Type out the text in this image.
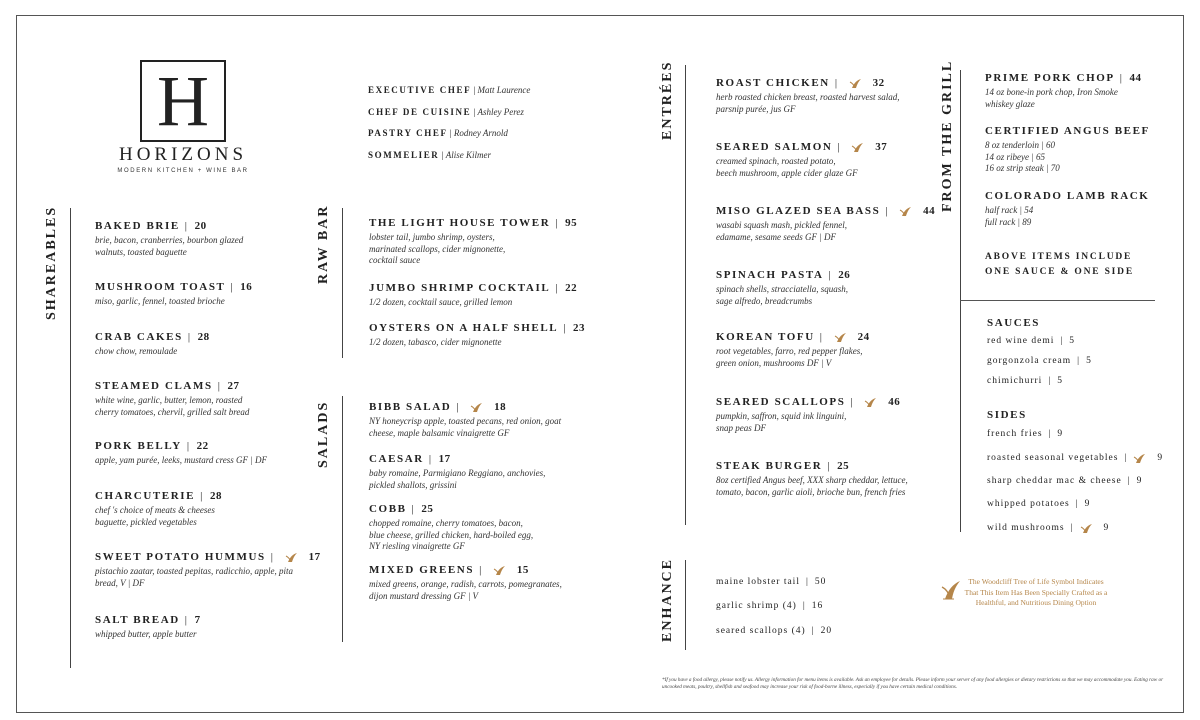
H
HORIZONS
MODERN KITCHEN + WINE BAR
EXECUTIVE CHEF | Matt Laurence
CHEF DE CUISINE | Ashley Perez
PASTRY CHEF | Rodney Arnold
SOMMELIER | Alise Kilmer
SHAREABLES	RAW BAR
SALADS
ENTRÉES	FROM THE GRILL
ENHANCE
BAKED BRIE | 20
brie, bacon, cranberries, bourbon glazed
walnuts, toasted baguette
MUSHROOM TOAST | 16
miso, garlic, fennel, toasted brioche
CRAB CAKES | 28
chow chow, remoulade
STEAMED CLAMS | 27
white wine, garlic, butter, lemon, roasted
cherry tomatoes, chervil, grilled salt bread
PORK BELLY | 22
apple, yam purée, leeks, mustard cress GF | DF
CHARCUTERIE | 28
chef 's choice of meats & cheeses
baguette, pickled vegetables
SWEET POTATO HUMMUS |	17
pistachio zaatar, toasted pepitas, radicchio, apple, pita
bread, V | DF
SALT BREAD | 7
whipped butter, apple butter
THE LIGHT HOUSE TOWER | 95
lobster tail, jumbo shrimp, oysters,
marinated scallops, cider mignonette,
cocktail sauce
JUMBO SHRIMP COCKTAIL | 22
1/2 dozen, cocktail sauce, grilled lemon
OYSTERS ON A HALF SHELL | 23
1/2 dozen, tabasco, cider mignonette
BIBB SALAD |	18
NY honeycrisp apple, toasted pecans, red onion, goat
cheese, maple balsamic vinaigrette GF
CAESAR | 17
baby romaine, Parmigiano Reggiano, anchovies,
pickled shallots, grissini
COBB | 25
chopped romaine, cherry tomatoes, bacon,
blue cheese, grilled chicken, hard-boiled egg,
NY riesling vinaigrette GF
MIXED GREENS |	15
mixed greens, orange, radish, carrots, pomegranates,
dijon mustard dressing GF | V
ROAST CHICKEN |	32
herb roasted chicken breast, roasted harvest salad,
parsnip purée, jus GF
SEARED SALMON |	37
creamed spinach, roasted potato,
beech mushroom, apple cider glaze GF
MISO GLAZED SEA BASS |	44
wasabi squash mash, pickled fennel,
edamame, sesame seeds GF | DF
SPINACH PASTA | 26
spinach shells, stracciatella, squash,
sage alfredo, breadcrumbs
KOREAN TOFU |	24
root vegetables, farro, red pepper flakes,
green onion, mushrooms DF | V
SEARED SCALLOPS |	46
pumpkin, saffron, squid ink linguini,
snap peas DF
STEAK BURGER | 25
8oz certified Angus beef, XXX sharp cheddar, lettuce,
tomato, bacon, garlic aioli, brioche bun, french fries
PRIME PORK CHOP | 44
14 oz bone-in pork chop, Iron Smoke
whiskey glaze
CERTIFIED ANGUS BEEF
8 oz tenderloin | 60
14 oz ribeye | 65
16 oz strip steak | 70
COLORADO LAMB RACK
half rack | 54
full rack | 89
ABOVE ITEMS INCLUDE
ONE SAUCE & ONE SIDE
SAUCES
red wine demi | 5
gorgonzola cream | 5
chimichurri | 5
SIDES
french fries | 9
roasted seasonal vegetables |	9
sharp cheddar mac & cheese | 9
whipped potatoes | 9
wild mushrooms |	9
maine lobster tail | 50
garlic shrimp (4) | 16
seared scallops (4) | 20
The Woodcliff Tree of Life Symbol Indicates That This Item Has Been Specially Crafted as a Healthful, and Nutritious Dining Option
*If you have a food allergy, please notify us. Allergy information for menu items is available. Ask an employee for details. Please inform your server of any food allergies or dietary restrictions so that we may accommodate you. Eating raw or uncooked meats, poultry, shellfish and seafood may increase your risk of food-borne illness, especially if you have certain medical conditions.
